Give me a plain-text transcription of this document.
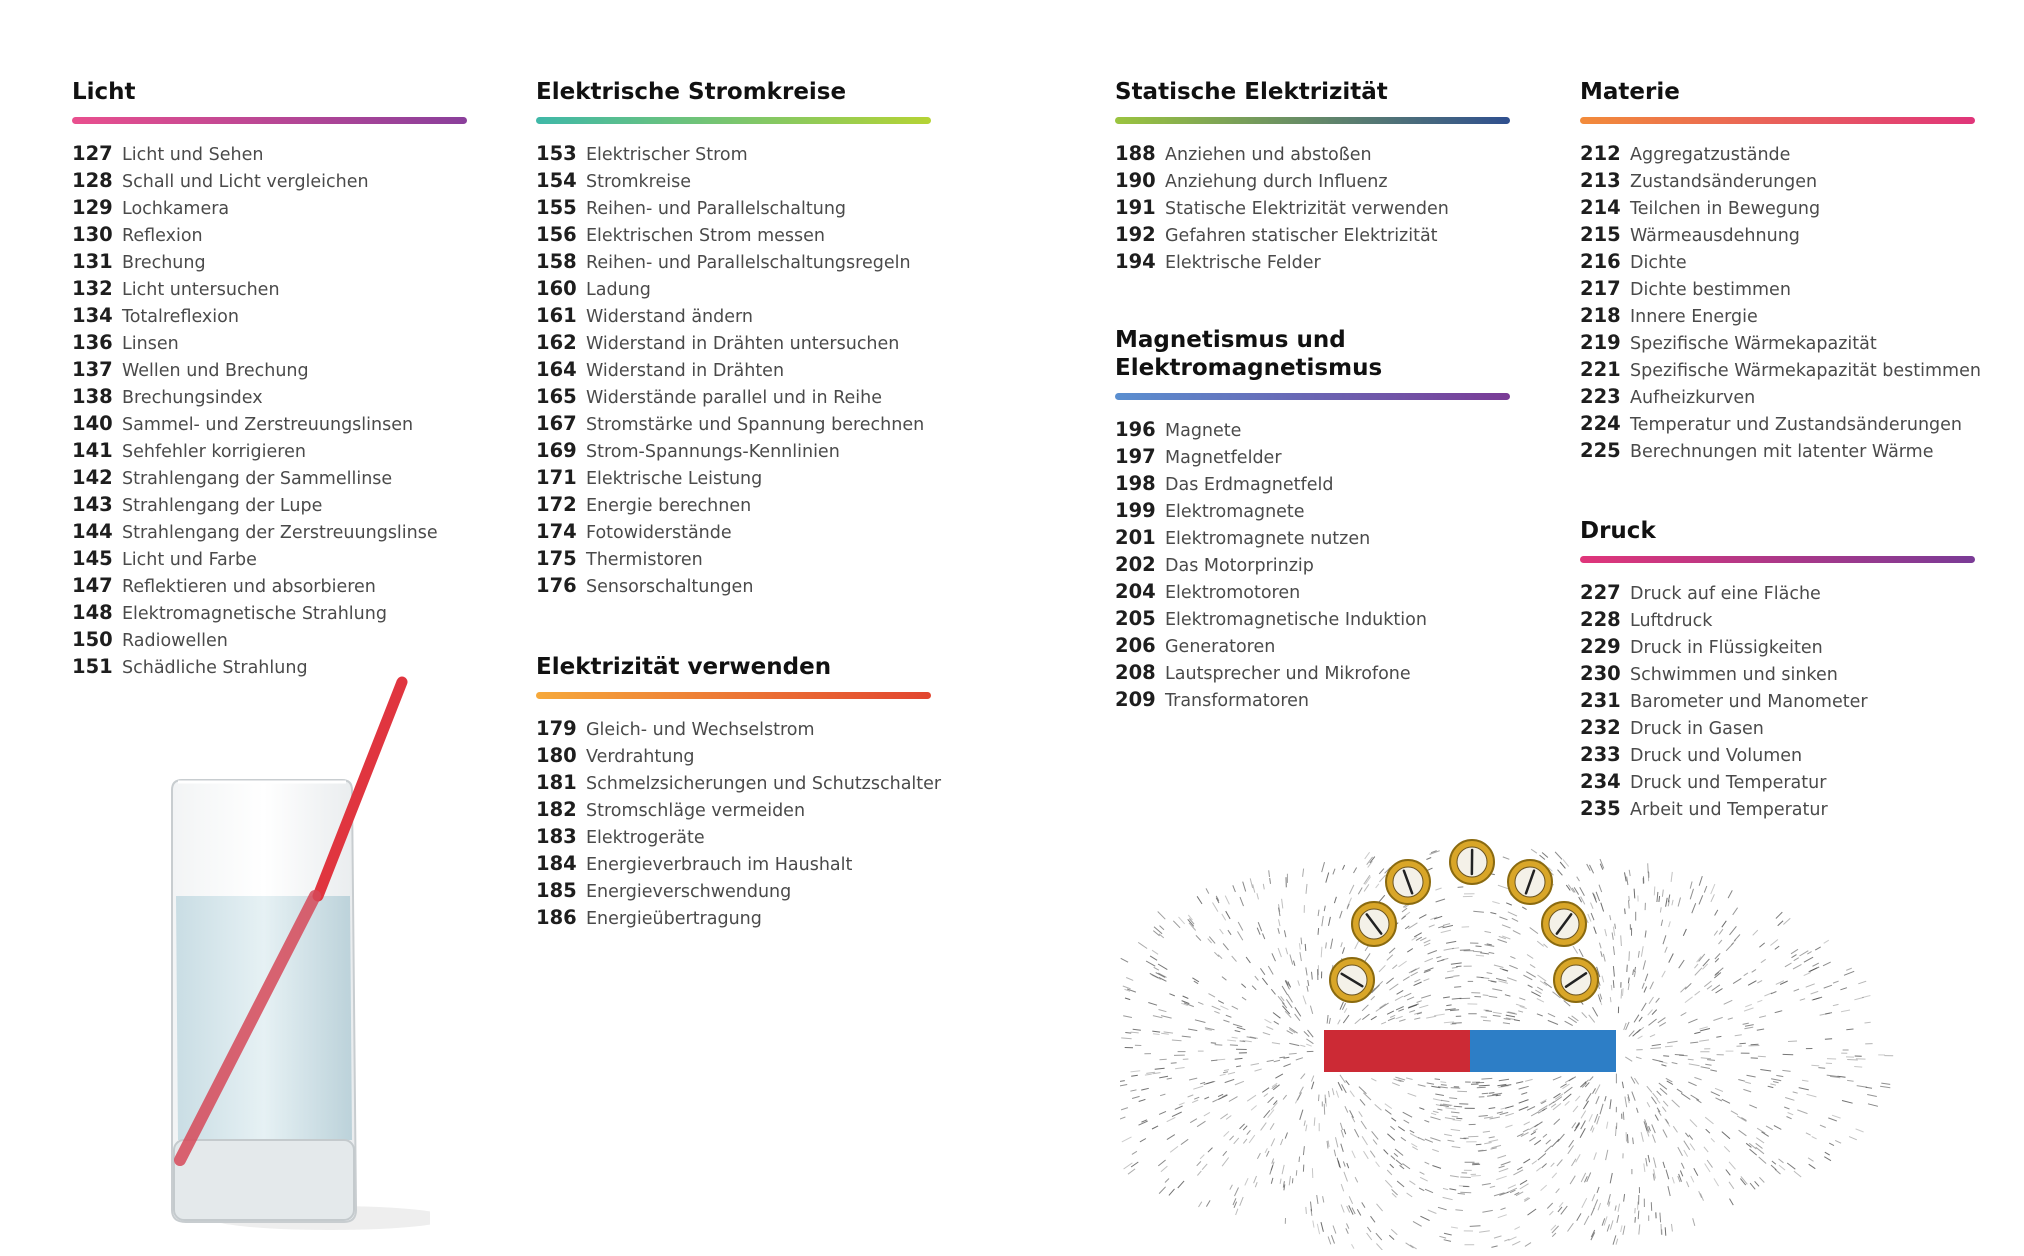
Licht
127 Licht und Sehen
128 Schall und Licht vergleichen
129 Lochkamera
130 Reflexion
131 Brechung
132 Licht untersuchen
134 Totalreflexion
136 Linsen
137 Wellen und Brechung
138 Brechungsindex
140 Sammel- und Zerstreuungslinsen
141 Sehfehler korrigieren
142 Strahlengang der Sammellinse
143 Strahlengang der Lupe
144 Strahlengang der Zerstreuungslinse
145 Licht und Farbe
147 Reflektieren und absorbieren
148 Elektromagnetische Strahlung
150 Radiowellen
151 Schädliche Strahlung
Elektrische Stromkreise
153 Elektrischer Strom
154 Stromkreise
155 Reihen- und Parallelschaltung
156 Elektrischen Strom messen
158 Reihen- und Parallelschaltungsregeln
160 Ladung
161 Widerstand ändern
162 Widerstand in Drähten untersuchen
164 Widerstand in Drähten
165 Widerstände parallel und in Reihe
167 Stromstärke und Spannung berechnen
169 Strom-Spannungs-Kennlinien
171 Elektrische Leistung
172 Energie berechnen
174 Fotowiderstände
175 Thermistoren
176 Sensorschaltungen
Elektrizität verwenden
179 Gleich- und Wechselstrom
180 Verdrahtung
181 Schmelzsicherungen und Schutzschalter
182 Stromschläge vermeiden
183 Elektrogeräte
184 Energieverbrauch im Haushalt
185 Energieverschwendung
186 Energieübertragung
Statische Elektrizität
188 Anziehen und abstoßen
190 Anziehung durch Influenz
191 Statische Elektrizität verwenden
192 Gefahren statischer Elektrizität
194 Elektrische Felder
Magnetismus und
Elektromagnetismus
196 Magnete
197 Magnetfelder
198 Das Erdmagnetfeld
199 Elektromagnete
201 Elektromagnete nutzen
202 Das Motorprinzip
204 Elektromotoren
205 Elektromagnetische Induktion
206 Generatoren
208 Lautsprecher und Mikrofone
209 Transformatoren
Materie
212 Aggregatzustände
213 Zustandsänderungen
214 Teilchen in Bewegung
215 Wärmeausdehnung
216 Dichte
217 Dichte bestimmen
218 Innere Energie
219 Spezifische Wärmekapazität
221 Spezifische Wärmekapazität bestimmen
223 Aufheizkurven
224 Temperatur und Zustandsänderungen
225 Berechnungen mit latenter Wärme
Druck
227 Druck auf eine Fläche
228 Luftdruck
229 Druck in Flüssigkeiten
230 Schwimmen und sinken
231 Barometer und Manometer
232 Druck in Gasen
233 Druck und Volumen
234 Druck und Temperatur
235 Arbeit und Temperatur
